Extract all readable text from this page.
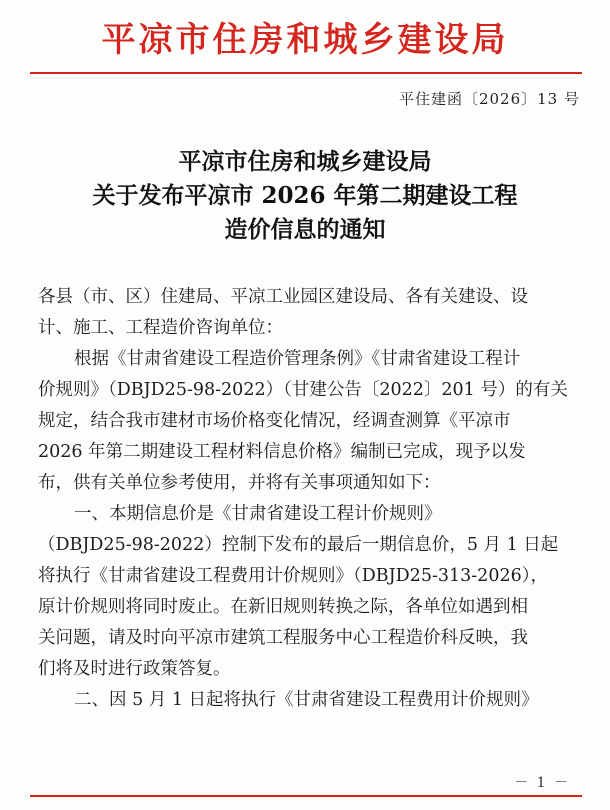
平凉市住房和城乡建设局
平住建函〔2026〕13 号
平凉市住房和城乡建设局
关于发布平凉市 2026 年第二期建设工程
造价信息的通知
各县（市、区）住建局、平凉工业园区建设局、各有关建设、设
计、施工、工程造价咨询单位：
根据《甘肃省建设工程造价管理条例》《甘肃省建设工程计
价规则》（DBJD25-98-2022）（甘建公告〔2022〕201 号）的有关
规定，结合我市建材市场价格变化情况，经调查测算《平凉市
2026 年第二期建设工程材料信息价格》编制已完成，现予以发
布，供有关单位参考使用，并将有关事项通知如下：
一、本期信息价是《甘肃省建设工程计价规则》
（DBJD25-98-2022）控制下发布的最后一期信息价，5 月 1 日起
将执行《甘肃省建设工程费用计价规则》（DBJD25-313-2026），
原计价规则将同时废止。在新旧规则转换之际，各单位如遇到相
关问题，请及时向平凉市建筑工程服务中心工程造价科反映，我
们将及时进行政策答复。
二、因 5 月 1 日起将执行《甘肃省建设工程费用计价规则》
－ 1 －
